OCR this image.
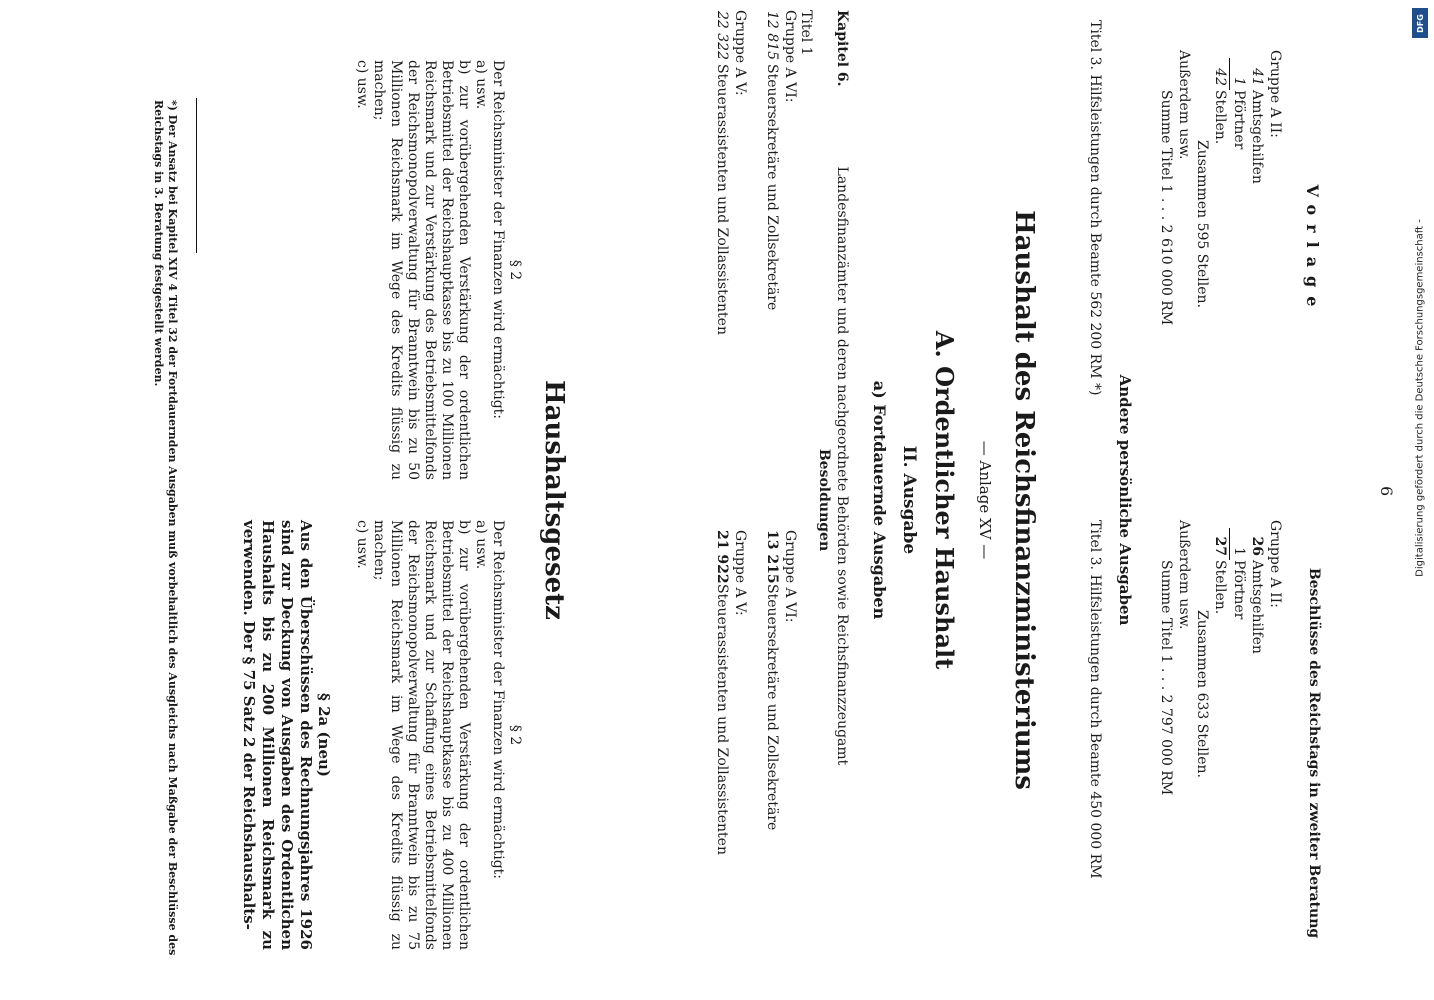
DFG
Digitalisierung gefördert durch die Deutsche Forschungsgemeinschaft -
6
Vorlage
Beschlüsse des Reichstags in zweiter Beratung
Gruppe A II:
41Amtsgehilfen
1Pförtner
42Stellen.
Zusammen 595 Stellen.
Außerdem usw.
Summe Titel 1 . . . 2 610 000 RM
Gruppe A II:
26Amtsgehilfen
1Pförtner
27Stellen.
Zusammen 633 Stellen.
Außerdem usw.
Summe Titel 1 . . . 2 797 000 RM
Andere persönliche Ausgaben
Titel 3. Hilfsleistungen durch Beamte 562 200 RM *)
Titel 3. Hilfsleistungen durch Beamte 450 000 RM
Haushalt des Reichsfinanzministeriums
— Anlage XV —
A. Ordentlicher Haushalt
II. Ausgabe
a) Fortdauernde Ausgaben
Kapitel 6.Landesfinanzämter und deren nachgeordnete Behörden sowie Reichsfinanzzeugamt
Besoldungen
Titel 1
Gruppe A VI:
12 815Steuersekretäre und Zollsekretäre
Gruppe A V:
22 322Steuerassistenten und Zollassistenten
Gruppe A VI:
13 215Steuersekretäre und Zollsekretäre
Gruppe A V:
21 922Steuerassistenten und Zollassistenten
Haushaltsgesetz
§ 2
Der Reichsminister der Finanzen wird ermächtigt:
a) usw.
b) zur vorübergehenden Verstärkung der ordentlichen Betriebsmittel der Reichshauptkasse bis zu 100 Millionen Reichsmark und zur Verstärkung des Betriebsmittelfonds der Reichsmonopolverwaltung für Branntwein bis zu 50 Millionen Reichsmark im Wege des Kredits flüssig zu machen;
c) usw.
§ 2
Der Reichsminister der Finanzen wird ermächtigt:
a) usw.
b) zur vorübergehenden Verstärkung der ordentlichen Betriebsmittel der Reichshauptkasse bis zu 400 Millionen Reichsmark und zur Schaffung eines Betriebsmittelfonds der Reichsmonopolverwaltung für Branntwein bis zu 75 Millionen Reichsmark im Wege des Kredits flüssig zu machen;
c) usw.
§ 2a (neu)
Aus den Überschüssen des Rechnungsjahres 1926 sind zur Deckung von Ausgaben des Ordentlichen Haushalts bis zu 200 Millionen Reichsmark zu verwenden. Der § 75 Satz 2 der Reichshaushalts-
*) Der Ansatz bei Kapitel XIV 4 Titel 32 der Fortdauernden Ausgaben muß vorbehaltlich des Ausgleichs nach Maßgabe der Beschlüsse des Reichstags in 3. Beratung festgestellt werden.
